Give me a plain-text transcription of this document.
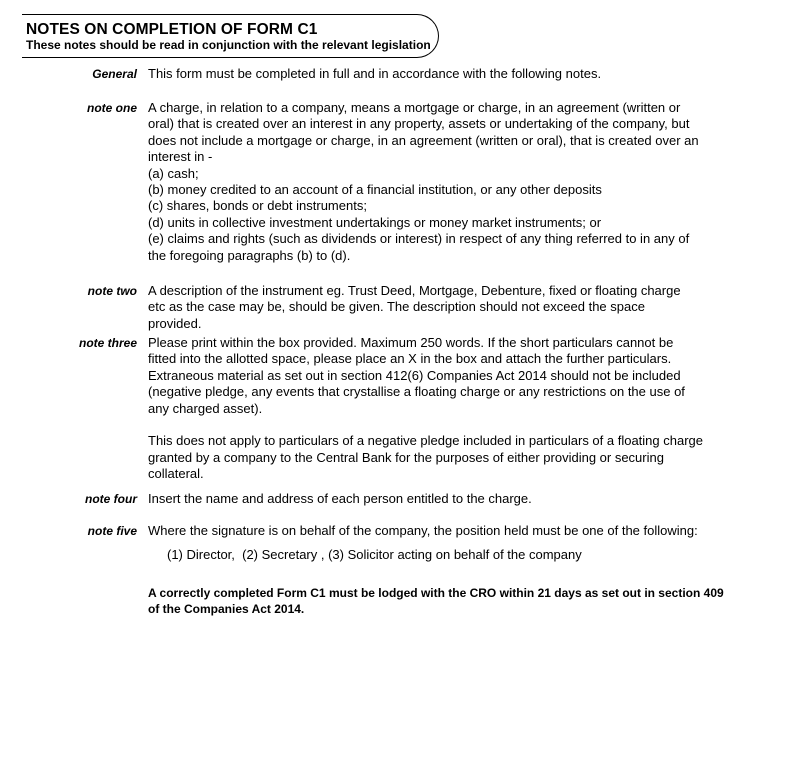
NOTES ON COMPLETION OF FORM C1
These notes should be read in conjunction with the relevant legislation
General This form must be completed in full and in accordance with the following notes.
note one A charge, in relation to a company, means a mortgage or charge, in an agreement (written or
oral) that is created over an interest in any property, assets or undertaking of the company, but
does not include a mortgage or charge, in an agreement (written or oral), that is created over an
interest in -
(a) cash;
(b) money credited to an account of a financial institution, or any other deposits
(c) shares, bonds or debt instruments;
(d) units in collective investment undertakings or money market instruments; or
(e) claims and rights (such as dividends or interest) in respect of any thing referred to in any of
the foregoing paragraphs (b) to (d).
note two A description of the instrument eg. Trust Deed, Mortgage, Debenture, fixed or floating charge
etc as the case may be, should be given. The description should not exceed the space
provided.
note three Please print within the box provided. Maximum 250 words. If the short particulars cannot be
fitted into the allotted space, please place an X in the box and attach the further particulars.
Extraneous material as set out in section 412(6) Companies Act 2014 should not be included
(negative pledge, any events that crystallise a floating charge or any restrictions on the use of
any charged asset).
This does not apply to particulars of a negative pledge included in particulars of a floating charge
granted by a company to the Central Bank for the purposes of either providing or securing
collateral.
note four Insert the name and address of each person entitled to the charge.
note five Where the signature is on behalf of the company, the position held must be one of the following:
(1) Director,  (2) Secretary , (3) Solicitor acting on behalf of the company
A correctly completed Form C1 must be lodged with the CRO within 21 days as set out in section 409
of the Companies Act 2014.
